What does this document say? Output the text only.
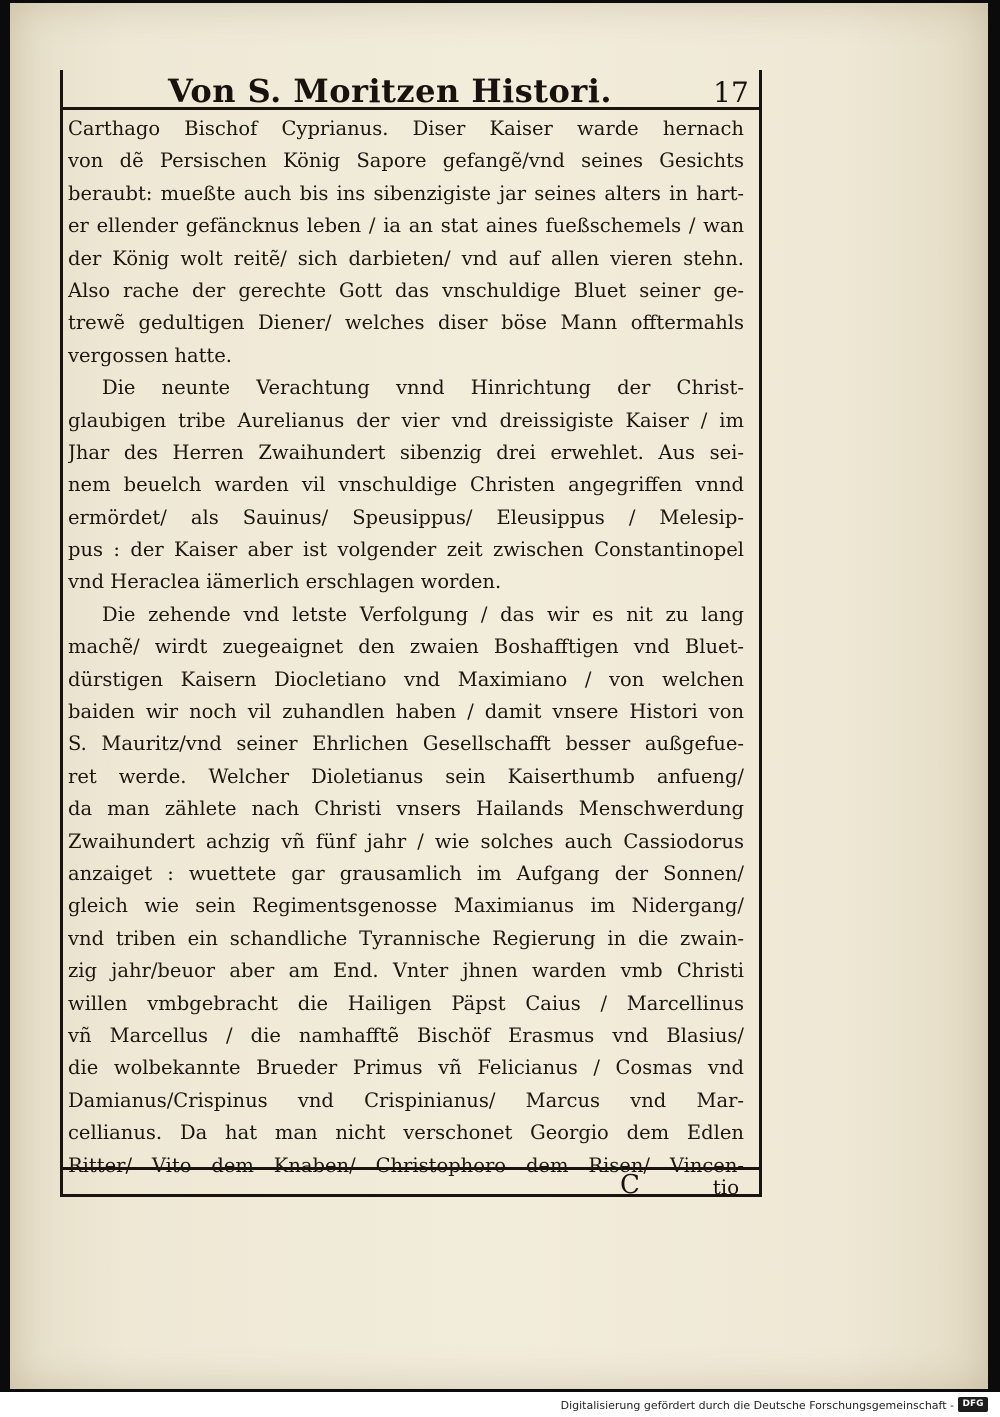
Von S. Moritzen Histori.	17
Carthago Bischof Cyprianus. Diser Kaiser warde hernach
von dẽ Persischen König Sapore gefangẽ/vnd seines Gesichts
beraubt: mueßte auch bis ins sibenzigiste jar seines alters in hart-
er ellender gefäncknus leben / ia an stat aines fueßschemels / wan
der König wolt reitẽ/ sich darbieten/ vnd auf allen vieren stehn.
Also rache der gerechte Gott das vnschuldige Bluet seiner ge-
trewẽ gedultigen Diener/ welches diser böse Mann offtermahls
vergossen hatte.
Die neunte Verachtung vnnd Hinrichtung der Christ-
glaubigen tribe Aurelianus der vier vnd dreissigiste Kaiser / im
Jhar des Herren Zwaihundert sibenzig drei erwehlet. Aus sei-
nem beuelch warden vil vnschuldige Christen angegriffen vnnd
ermördet/ als Sauinus/ Speusippus/ Eleusippus / Melesip-
pus : der Kaiser aber ist volgender zeit zwischen Constantinopel
vnd Heraclea iämerlich erschlagen worden.
Die zehende vnd letste Verfolgung / das wir es nit zu lang
machẽ/ wirdt zuegeaignet den zwaien Boshafftigen vnd Bluet-
dürstigen Kaisern Diocletiano vnd Maximiano / von welchen
baiden wir noch vil zuhandlen haben / damit vnsere Histori von
S. Mauritz/vnd seiner Ehrlichen Gesellschafft besser außgefue-
ret werde. Welcher Dioletianus sein Kaiserthumb anfueng/
da man zählete nach Christi vnsers Hailands Menschwerdung
Zwaihundert achzig vñ fünf jahr / wie solches auch Cassiodorus
anzaiget : wuettete gar grausamlich im Aufgang der Sonnen/
gleich wie sein Regimentsgenosse Maximianus im Nidergang/
vnd triben ein schandliche Tyrannische Regierung in die zwain-
zig jahr/beuor aber am End. Vnter jhnen warden vmb Christi
willen vmbgebracht die Hailigen Päpst Caius / Marcellinus
vñ Marcellus / die namhafftẽ Bischöf Erasmus vnd Blasius/
die wolbekannte Brueder Primus vñ Felicianus / Cosmas vnd
Damianus/Crispinus vnd Crispinianus/ Marcus vnd Mar-
cellianus. Da hat man nicht verschonet Georgio dem Edlen
Ritter/ Vito dem Knaben/ Christophoro dem Risen/ Vincen-
C	tio
Digitalisierung gefördert durch die Deutsche Forschungsgemeinschaft - DFG
